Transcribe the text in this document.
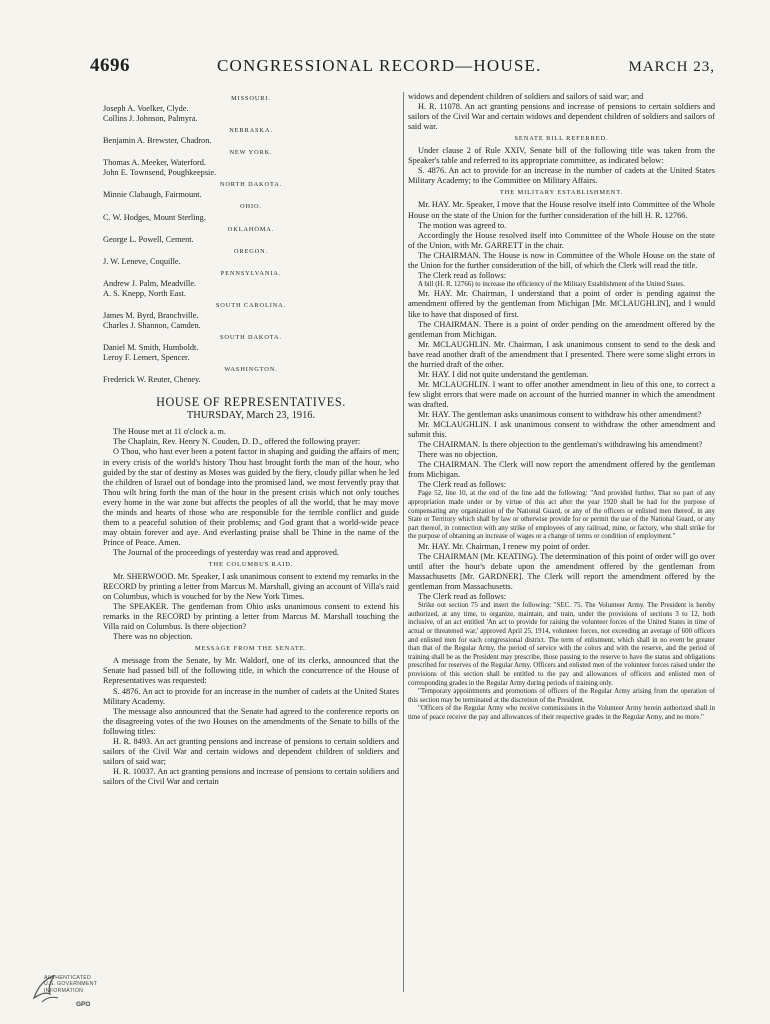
4696	CONGRESSIONAL RECORD—HOUSE.	MARCH 23,
MISSOURI.
Joseph A. Voelker, Clyde.
Collins J. Johnson, Palmyra.
NEBRASKA.
Benjamin A. Brewster, Chadron.
NEW YORK.
Thomas A. Meeker, Waterford.
John E. Townsend, Poughkeepsie.
NORTH DAKOTA.
Minnie Clabaugh, Fairmount.
OHIO.
C. W. Hodges, Mount Sterling.
OKLAHOMA.
George L. Powell, Cement.
OREGON.
J. W. Leneve, Coquille.
PENNSYLVANIA.
Andrew J. Palm, Meadville.
A. S. Knepp, North East.
SOUTH CAROLINA.
James M. Byrd, Branchville.
Charles J. Shannon, Camden.
SOUTH DAKOTA.
Daniel M. Smith, Humboldt.
Leroy F. Lemert, Spencer.
WASHINGTON.
Frederick W. Reuter, Cheney.
HOUSE OF REPRESENTATIVES.
THURSDAY, March 23, 1916.

The House met at 11 o'clock a. m.

The Chaplain, Rev. Henry N. Couden, D. D., offered the following prayer:

O Thou, who hast ever been a potent factor in shaping and guiding the affairs of men; in every crisis of the world's history Thou hast brought forth the man of the hour, who guided by the star of destiny as Moses was guided by the fiery, cloudy pillar when he led the children of Israel out of bondage into the promised land, we most fervently pray that Thou wilt bring forth the man of the hour in the present crisis which not only touches every home in the war zone but affects the peoples of all the world, that he may move the minds and hearts of those who are responsible for the terrible conflict and guide them to a peaceful solution of their problems; and God grant that a world-wide peace may obtain forever and aye. And everlasting praise shall be Thine in the name of the Prince of Peace. Amen.

The Journal of the proceedings of yesterday was read and approved.

THE COLUMBUS RAID.

Mr. SHERWOOD. Mr. Speaker, I ask unanimous consent to extend my remarks in the RECORD by printing a letter from Marcus M. Marshall, giving an account of Villa's raid on Columbus, which is vouched for by the New York Times.

The SPEAKER. The gentleman from Ohio asks unanimous consent to extend his remarks in the RECORD by printing a letter from Marcus M. Marshall touching the Villa raid on Columbus. Is there objection?

There was no objection.

MESSAGE FROM THE SENATE.

A message from the Senate, by Mr. Waldorf, one of its clerks, announced that the Senate had passed bill of the following title, in which the concurrence of the House of Representatives was requested:

S. 4876. An act to provide for an increase in the number of cadets at the United States Military Academy.

The message also announced that the Senate had agreed to the conference reports on the disagreeing votes of the two Houses on the amendments of the Senate to bills of the following titles:

H. R. 8493. An act granting pensions and increase of pensions to certain soldiers and sailors of the Civil War and certain widows and dependent children of soldiers and sailors of said war;

H. R. 10037. An act granting pensions and increase of pensions to certain soldiers and sailors of the Civil War and certain

widows and dependent children of soldiers and sailors of said war; and

H. R. 11078. An act granting pensions and increase of pensions to certain soldiers and sailors of the Civil War and certain widows and dependent children of soldiers and sailors of said war.

SENATE BILL REFERRED.

Under clause 2 of Rule XXIV, Senate bill of the following title was taken from the Speaker's table and referred to its appropriate committee, as indicated below:

S. 4876. An act to provide for an increase in the number of cadets at the United States Military Academy; to the Committee on Military Affairs.

THE MILITARY ESTABLISHMENT.

Mr. HAY. Mr. Speaker, I move that the House resolve itself into Committee of the Whole House on the state of the Union for the further consideration of the bill H. R. 12766.

The motion was agreed to.

Accordingly the House resolved itself into Committee of the Whole House on the state of the Union, with Mr. GARRETT in the chair.

The CHAIRMAN. The House is now in Committee of the Whole House on the state of the Union for the further consideration of the bill, of which the Clerk will read the title.

The Clerk read as follows:

A bill (H. R. 12766) to increase the efficiency of the Military Establishment of the United States.

Mr. HAY. Mr. Chairman, I understand that a point of order is pending against the amendment offered by the gentleman from Michigan [Mr. MCLAUGHLIN], and I would like to have that disposed of first.

The CHAIRMAN. There is a point of order pending on the amendment offered by the gentleman from Michigan.

Mr. MCLAUGHLIN. Mr. Chairman, I ask unanimous consent to send to the desk and have read another draft of the amendment that I presented. There were some slight errors in the hurried draft of the other.

Mr. HAY. I did not quite understand the gentleman.

Mr. MCLAUGHLIN. I want to offer another amendment in lieu of this one, to correct a few slight errors that were made on account of the hurried manner in which the amendment was drafted.

Mr. HAY. The gentleman asks unanimous consent to withdraw his other amendment?

Mr. MCLAUGHLIN. I ask unanimous consent to withdraw the other amendment and submit this.

The CHAIRMAN. Is there objection to the gentleman's withdrawing his amendment?

There was no objection.

The CHAIRMAN. The Clerk will now report the amendment offered by the gentleman from Michigan.

The Clerk read as follows:

Page 52, line 10, at the end of the line add the following: "And provided further, That no part of any appropriation made under or by virtue of this act after the year 1920 shall be had for the purpose of compensating any organization of the National Guard, or any of the officers or enlisted men thereof, in any State or Territory which shall by law or otherwise provide for or permit the use of the National Guard, or any part thereof, in connection with any strike of employees of any railroad, mine, or factory, who shall strike for the purpose of obtaining an increase of wages or a change of terms or condition of employment."

Mr. HAY. Mr. Chairman, I renew my point of order.

The CHAIRMAN (Mr. KEATING). The determination of this point of order will go over until after the hour's debate upon the amendment offered by the gentleman from Massachusetts [Mr. GARDNER]. The Clerk will report the amendment offered by the gentleman from Massachusetts.

The Clerk read as follows:

Strike out section 75 and insert the following: "SEC. 75. The Volunteer Army. The President is hereby authorized, at any time, to organize, maintain, and train, under the provisions of sections 3 to 12, both inclusive, of an act entitled 'An act to provide for raising the volunteer forces of the United States in time of actual or threatened war,' approved April 25, 1914, volunteer forces, not exceeding an average of 600 officers and enlisted men for each congressional district. The term of enlistment, which shall in no event be greater than that of the Regular Army, the period of service with the colors and with the reserve, and the period of training shall be as the President may prescribe, those passing to the reserve to have the status and obligations prescribed for reserves of the Regular Army. Officers and enlisted men of the volunteer forces raised under the provisions of this section shall be entitled to the pay and allowances of officers and enlisted men of corresponding grades in the Regular Army during periods of training only.

"Temporary appointments and promotions of officers of the Regular Army arising from the operation of this section may be terminated at the discretion of the President.

"Officers of the Regular Army who receive commissions in the Volunteer Army herein authorized shall in time of peace receive the pay and allowances of their respective grades in the Regular Army, and no more."

AUTHENTICATED
U.S. GOVERNMENT
INFORMATION
GPO
